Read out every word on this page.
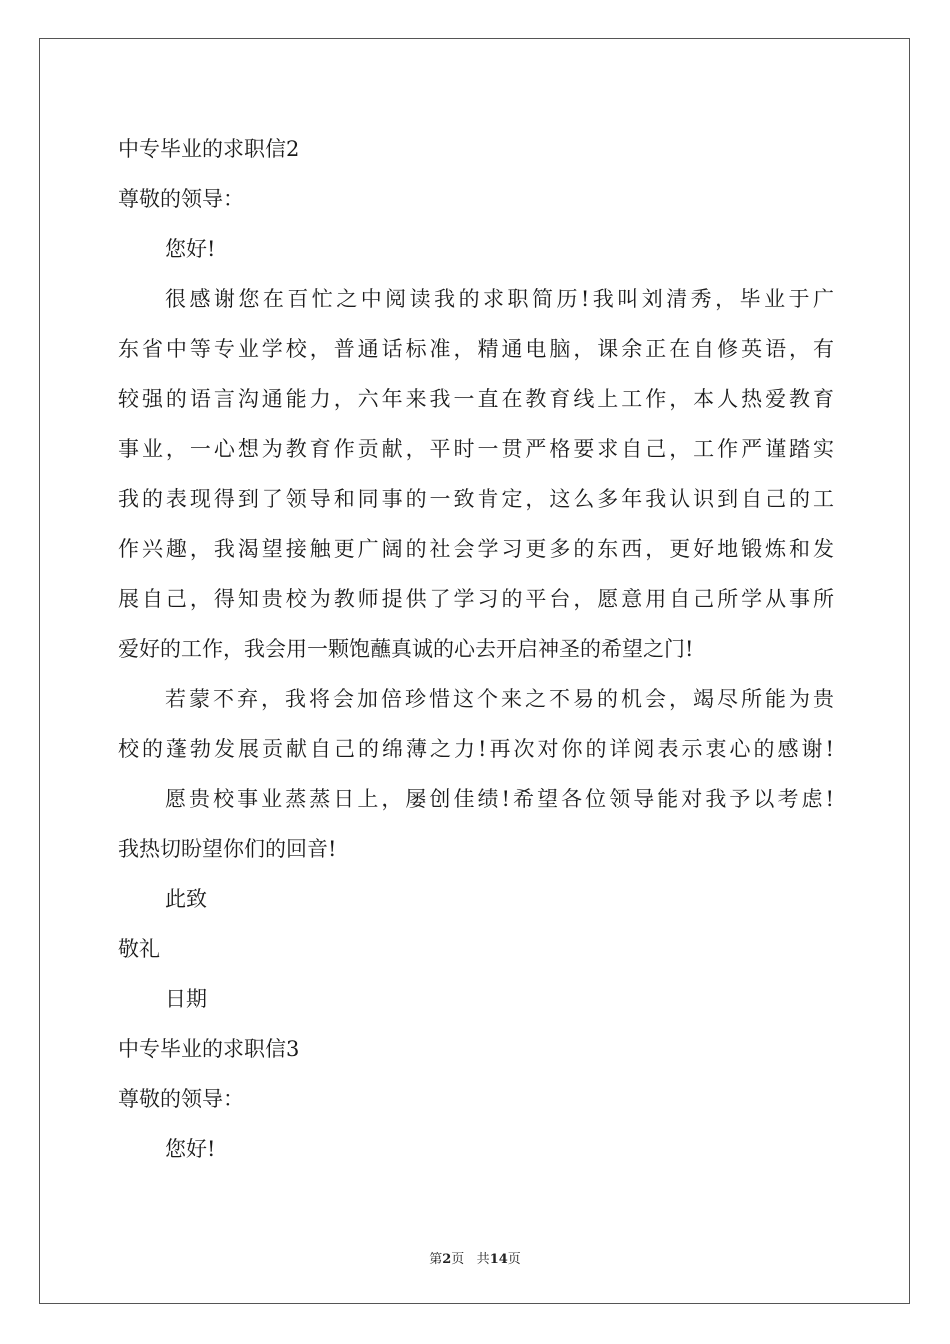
中专毕业的求职信2
尊敬的领导：
您好!
很感谢您在百忙之中阅读我的求职简历!我叫刘清秀，毕业于广
东省中等专业学校，普通话标准，精通电脑，课余正在自修英语，有
较强的语言沟通能力，六年来我一直在教育线上工作，本人热爱教育
事业，一心想为教育作贡献，平时一贯严格要求自己，工作严谨踏实
我的表现得到了领导和同事的一致肯定，这么多年我认识到自己的工
作兴趣，我渴望接触更广阔的社会学习更多的东西，更好地锻炼和发
展自己，得知贵校为教师提供了学习的平台，愿意用自己所学从事所
爱好的工作，我会用一颗饱蘸真诚的心去开启神圣的希望之门!
若蒙不弃，我将会加倍珍惜这个来之不易的机会，竭尽所能为贵
校的蓬勃发展贡献自己的绵薄之力!再次对你的详阅表示衷心的感谢!
愿贵校事业蒸蒸日上，屡创佳绩!希望各位领导能对我予以考虑!
我热切盼望你们的回音!
此致
敬礼
日期
中专毕业的求职信3
尊敬的领导：
您好!
第2页 共14页
